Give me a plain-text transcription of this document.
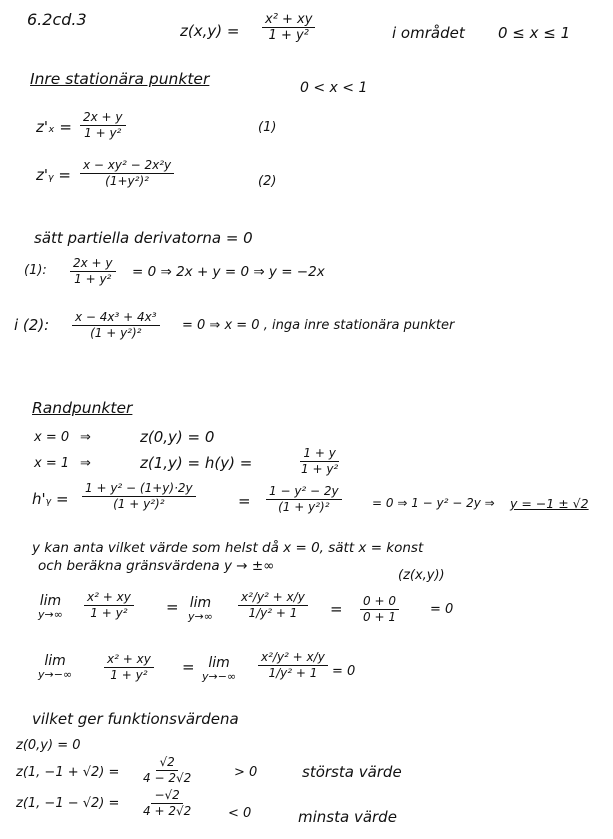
6.2cd.3
$z(x,y) = \frac{\text{x² + xy}}{\text{1 + y²}}$	i området 0 ≤ x ≤ 1
Inre stationära punkter	0 < x < 1
$z'_x = \frac{2x + y}{\text{1 + y²}}$	(1)
z'ᵧ = $\frac{\text{x − xy² − 2x²y}}{\text{(1+y²)²}}$	(2)
sätt partiella derivatorna = 0
(1): $\frac{2x + y}{\text{1 + y²}} = 0$ ⇒ 2x + y = 0 ⇒ y = −2x
i (2): $\frac{\text{x − 4x³ + 4x³}}{\text{(1 + y²)²}} = 0$ ⇒ x = 0 , inga inre stationära punkter
Randpunkter
x = 0 ⇒	z(0,y) = 0
x = 1 ⇒	z(1,y) = h(y) =	$\frac{1 + y}{\text{1 + y²}}$
h'ᵧ = $\frac{\text{1 + y² − (1+y)·2y}}{\text{(1 + y²)²}}$	= $\frac{\text{1 − y² − 2y}}{\text{(1 + y²)²}}$	= 0 ⇒ 1 − y² − 2y ⇒ y = −1 ± √2
y kan anta vilket värde som helst då x = 0, sätt x = konst
och beräkna gränsvärdena y → ±∞
(z(x,y))
lim
$y\to\infty \frac{\text{x² + xy}}{\text{1 + y²}} = \lim$
$y\to\infty \frac{\text{x²/y² + x/y}}{\text{1/y² + 1}} = \frac{0 + 0}{0 + 1} = 0$
lim
y→−∞	$\frac{\text{x² + xy}}{\text{1 + y²}} = \lim$
$y\to-\infty \frac{\text{x²/y² + x/y}}{\text{1/y² + 1}} = 0$
vilket ger funktionsvärdena
z(0,y) = 0
z(1, $-1 + √2) = \frac{√2}{4 - 2√2}$	> 0	största värde
z(1, $-1 - √2) = \frac{-√2}{4 + 2√2}$	< 0	minsta värde
